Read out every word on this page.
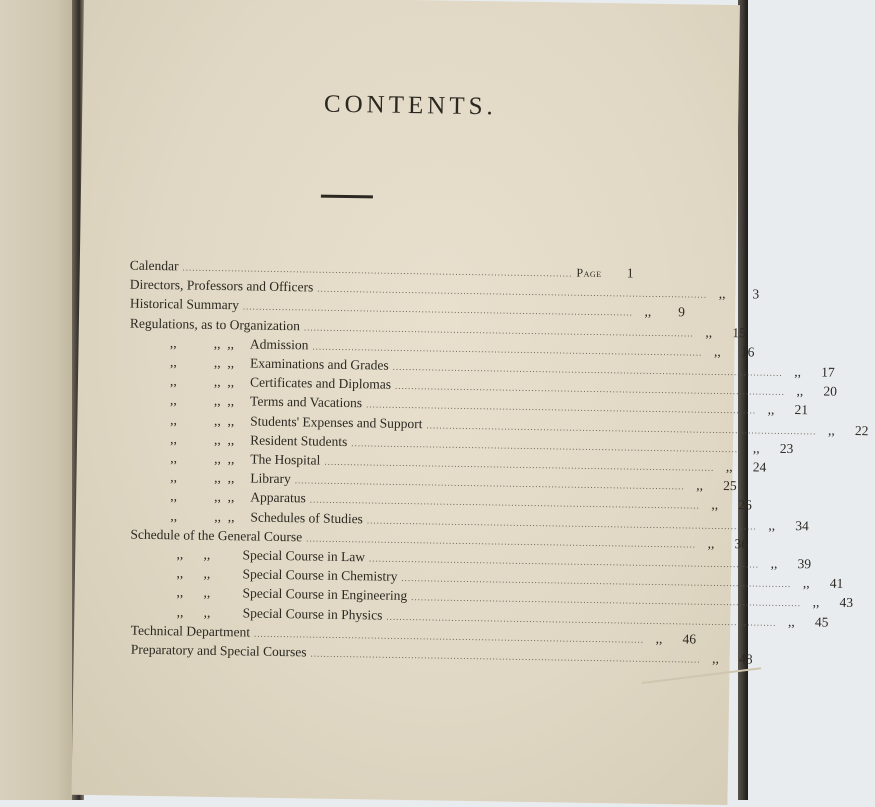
CONTENTS.
Calendar ........................................................................................................................ Page	1
Directors, Professors and Officers ........................................................................................................................ ,,	3
Historical Summary ........................................................................................................................ ,,	9
Regulations, as to Organization ........................................................................................................................ ,,	15
,,           ,,  ,, Admission ........................................................................................................................ ,,	16
,,           ,,  ,, Examinations and Grades ........................................................................................................................ ,,	17
,,           ,,  ,, Certificates and Diplomas ........................................................................................................................ ,,	20
,,           ,,  ,, Terms and Vacations ........................................................................................................................ ,,	21
,,           ,,  ,, Students' Expenses and Support ........................................................................................................................ ,,	22
,,           ,,  ,, Resident Students ........................................................................................................................ ,,	23
,,           ,,  ,, The Hospital ........................................................................................................................ ,,	24
,,           ,,  ,, Library ........................................................................................................................ ,,	25
,,           ,,  ,, Apparatus ........................................................................................................................ ,,	26
,,           ,,  ,, Schedules of Studies ........................................................................................................................ ,,	34
Schedule of the General Course ........................................................................................................................ ,,	36
,,      ,, Special Course in Law ........................................................................................................................ ,,	39
,,      ,, Special Course in Chemistry ........................................................................................................................ ,,	41
,,      ,, Special Course in Engineering ........................................................................................................................ ,,	43
,,      ,, Special Course in Physics ........................................................................................................................ ,,	45
Technical Department ........................................................................................................................ ,,	46
Preparatory and Special Courses ........................................................................................................................ ,,	48
